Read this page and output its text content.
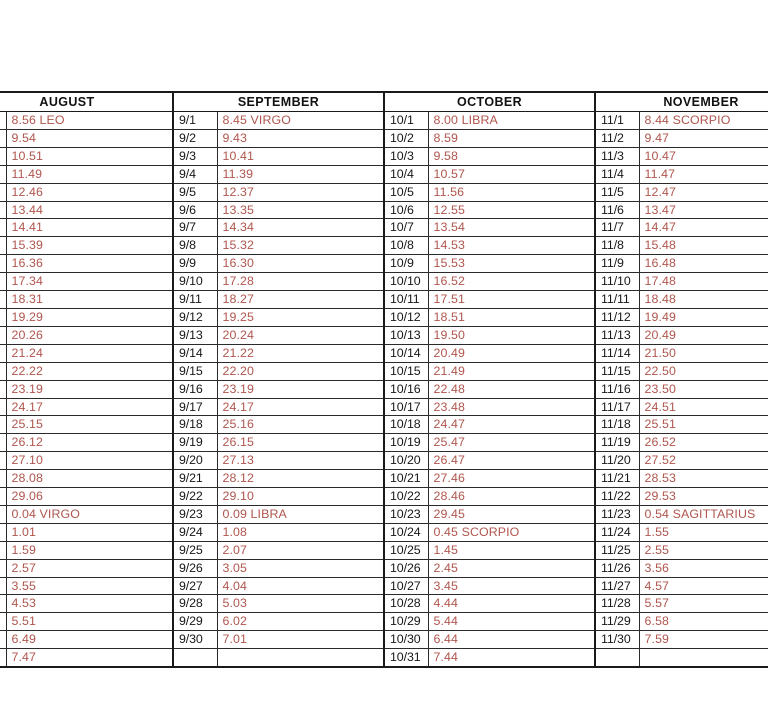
AUGUST		SEPTEMBER		OCTOBER		NOVEMBER	
	8.56 LEO	9/1	8.45 VIRGO	10/1	8.00 LIBRA	11/1	8.44 SCORPIO
	9.54	9/2	9.43	10/2	8.59	11/2	9.47
	10.51	9/3	10.41	10/3	9.58	11/3	10.47
	11.49	9/4	11.39	10/4	10.57	11/4	11.47
	12.46	9/5	12.37	10/5	11.56	11/5	12.47
	13.44	9/6	13.35	10/6	12.55	11/6	13.47
	14.41	9/7	14.34	10/7	13.54	11/7	14.47
	15.39	9/8	15.32	10/8	14.53	11/8	15.48
	16.36	9/9	16.30	10/9	15.53	11/9	16.48
	17.34	9/10	17.28	10/10	16.52	11/10	17.48
	18.31	9/11	18.27	10/11	17.51	11/11	18.48
	19.29	9/12	19.25	10/12	18.51	11/12	19.49
	20.26	9/13	20.24	10/13	19.50	11/13	20.49
	21.24	9/14	21.22	10/14	20.49	11/14	21.50
	22.22	9/15	22.20	10/15	21.49	11/15	22.50
	23.19	9/16	23.19	10/16	22.48	11/16	23.50
	24.17	9/17	24.17	10/17	23.48	11/17	24.51
	25.15	9/18	25.16	10/18	24.47	11/18	25.51
	26.12	9/19	26.15	10/19	25.47	11/19	26.52
	27.10	9/20	27.13	10/20	26.47	11/20	27.52
	28.08	9/21	28.12	10/21	27.46	11/21	28.53
	29.06	9/22	29.10	10/22	28.46	11/22	29.53
	0.04 VIRGO	9/23	0.09 LIBRA	10/23	29.45	11/23	0.54 SAGITTARIUS
	1.01	9/24	1.08	10/24	0.45 SCORPIO	11/24	1.55
	1.59	9/25	2.07	10/25	1.45	11/25	2.55
	2.57	9/26	3.05	10/26	2.45	11/26	3.56
	3.55	9/27	4.04	10/27	3.45	11/27	4.57
	4.53	9/28	5.03	10/28	4.44	11/28	5.57
	5.51	9/29	6.02	10/29	5.44	11/29	6.58
	6.49	9/30	7.01	10/30	6.44	11/30	7.59
	7.47			10/31	7.44		
